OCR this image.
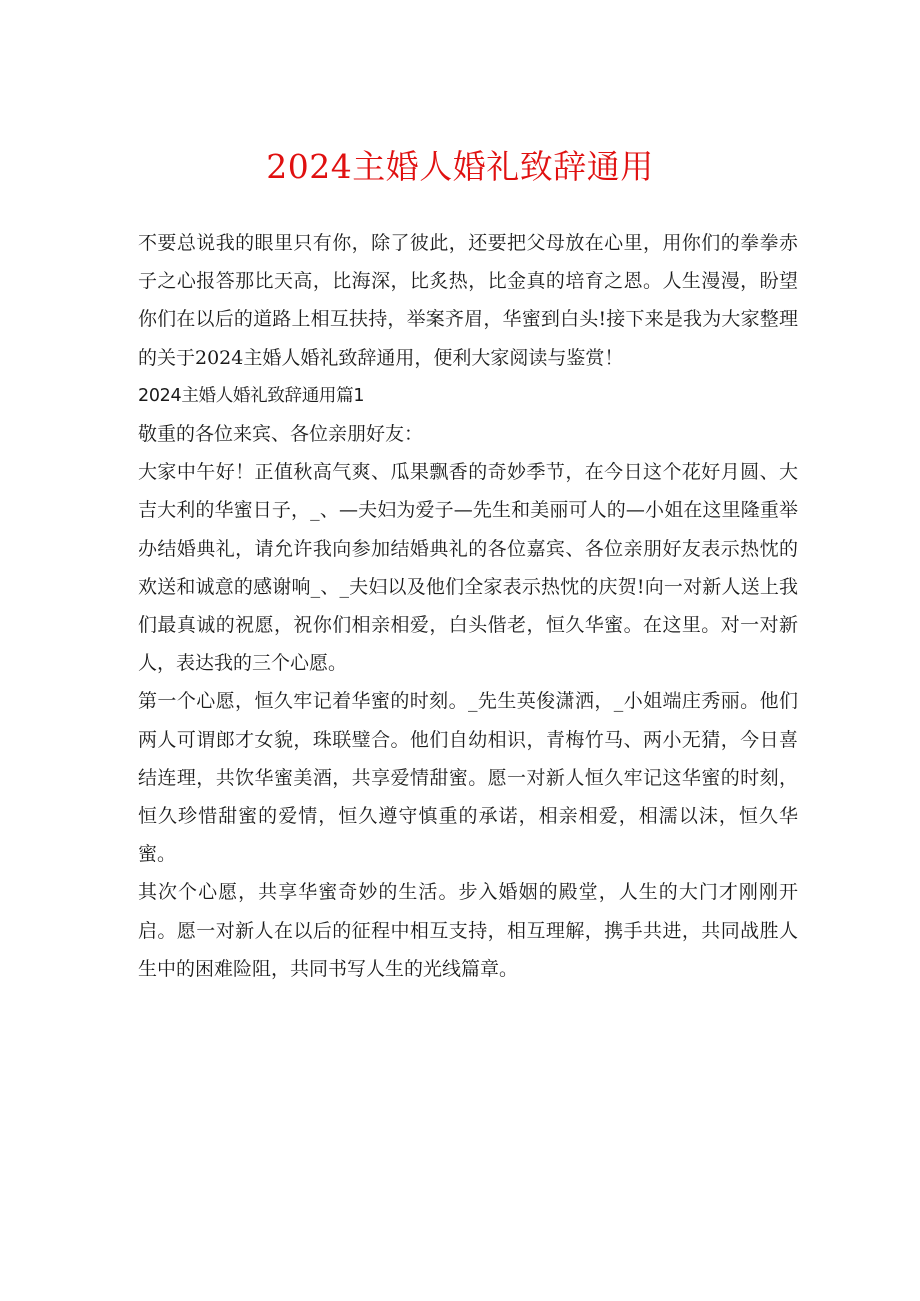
2024主婚人婚礼致辞通用

不要总说我的眼里只有你，除了彼此，还要把父母放在心里，用你们的拳拳赤子之心报答那比天高，比海深，比炙热，比金真的培育之恩。人生漫漫，盼望你们在以后的道路上相互扶持，举案齐眉，华蜜到白头!接下来是我为大家整理的关于2024主婚人婚礼致辞通用，便利大家阅读与鉴赏！

2024主婚人婚礼致辞通用篇1

敬重的各位来宾、各位亲朋好友：

大家中午好！正值秋高气爽、瓜果飘香的奇妙季节，在今日这个花好月圆、大吉大利的华蜜日子，_、—夫妇为爱子—先生和美丽可人的—小姐在这里隆重举办结婚典礼，请允许我向参加结婚典礼的各位嘉宾、各位亲朋好友表示热忱的欢送和诚意的感谢响_、_夫妇以及他们全家表示热忱的庆贺!向一对新人送上我们最真诚的祝愿，祝你们相亲相爱，白头偕老，恒久华蜜。在这里。对一对新人，表达我的三个心愿。

第一个心愿，恒久牢记着华蜜的时刻。_先生英俊潇洒，_小姐端庄秀丽。他们两人可谓郎才女貌，珠联璧合。他们自幼相识，青梅竹马、两小无猜，今日喜结连理，共饮华蜜美酒，共享爱情甜蜜。愿一对新人恒久牢记这华蜜的时刻，恒久珍惜甜蜜的爱情，恒久遵守慎重的承诺，相亲相爱，相濡以沫，恒久华蜜。

其次个心愿，共享华蜜奇妙的生活。步入婚姻的殿堂，人生的大门才刚刚开启。愿一对新人在以后的征程中相互支持，相互理解，携手共进，共同战胜人生中的困难险阻，共同书写人生的光线篇章。
